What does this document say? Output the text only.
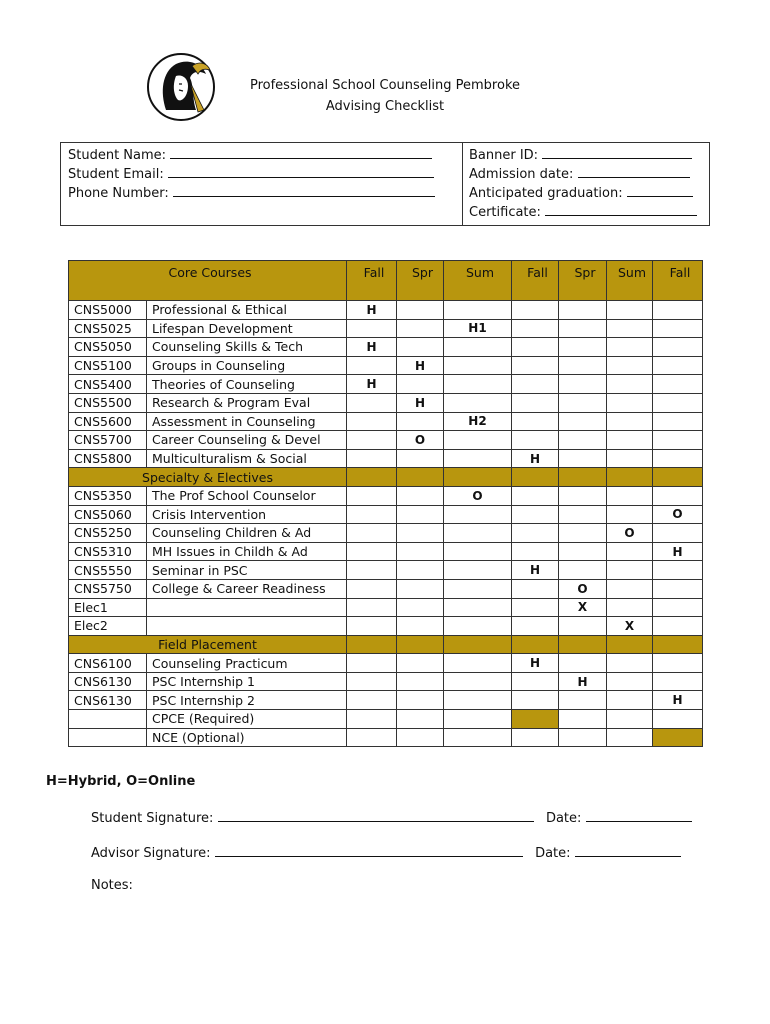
Professional School Counseling Pembroke
Advising Checklist
Student Name:
Student Email:
Phone Number:
Banner ID:
Admission date:
Anticipated graduation:
Certificate:
Core Courses		Fall	Spr	Sum	Fall	Spr	Sum	Fall
CNS5000	Professional & Ethical	H						
CNS5025	Lifespan Development			H1				
CNS5050	Counseling Skills & Tech	H						
CNS5100	Groups in Counseling		H					
CNS5400	Theories of Counseling	H						
CNS5500	Research & Program Eval		H					
CNS5600	Assessment in Counseling			H2				
CNS5700	Career Counseling & Devel		O					
CNS5800	Multiculturalism & Social				H			
Specialty & Electives								
CNS5350	The Prof School Counselor			O				
CNS5060	Crisis Intervention							O
CNS5250	Counseling Children & Ad						O	
CNS5310	MH Issues in Childh & Ad							H
CNS5550	Seminar in PSC				H			
CNS5750	College & Career Readiness					O		
Elec1						X		
Elec2							X	
Field Placement								
CNS6100	Counseling Practicum				H			
CNS6130	PSC Internship 1					H		
CNS6130	PSC Internship 2							H
	CPCE (Required)							
	NCE (Optional)							
H=Hybrid, O=Online
Student Signature:	Date:
Advisor Signature:	Date:
Notes:
